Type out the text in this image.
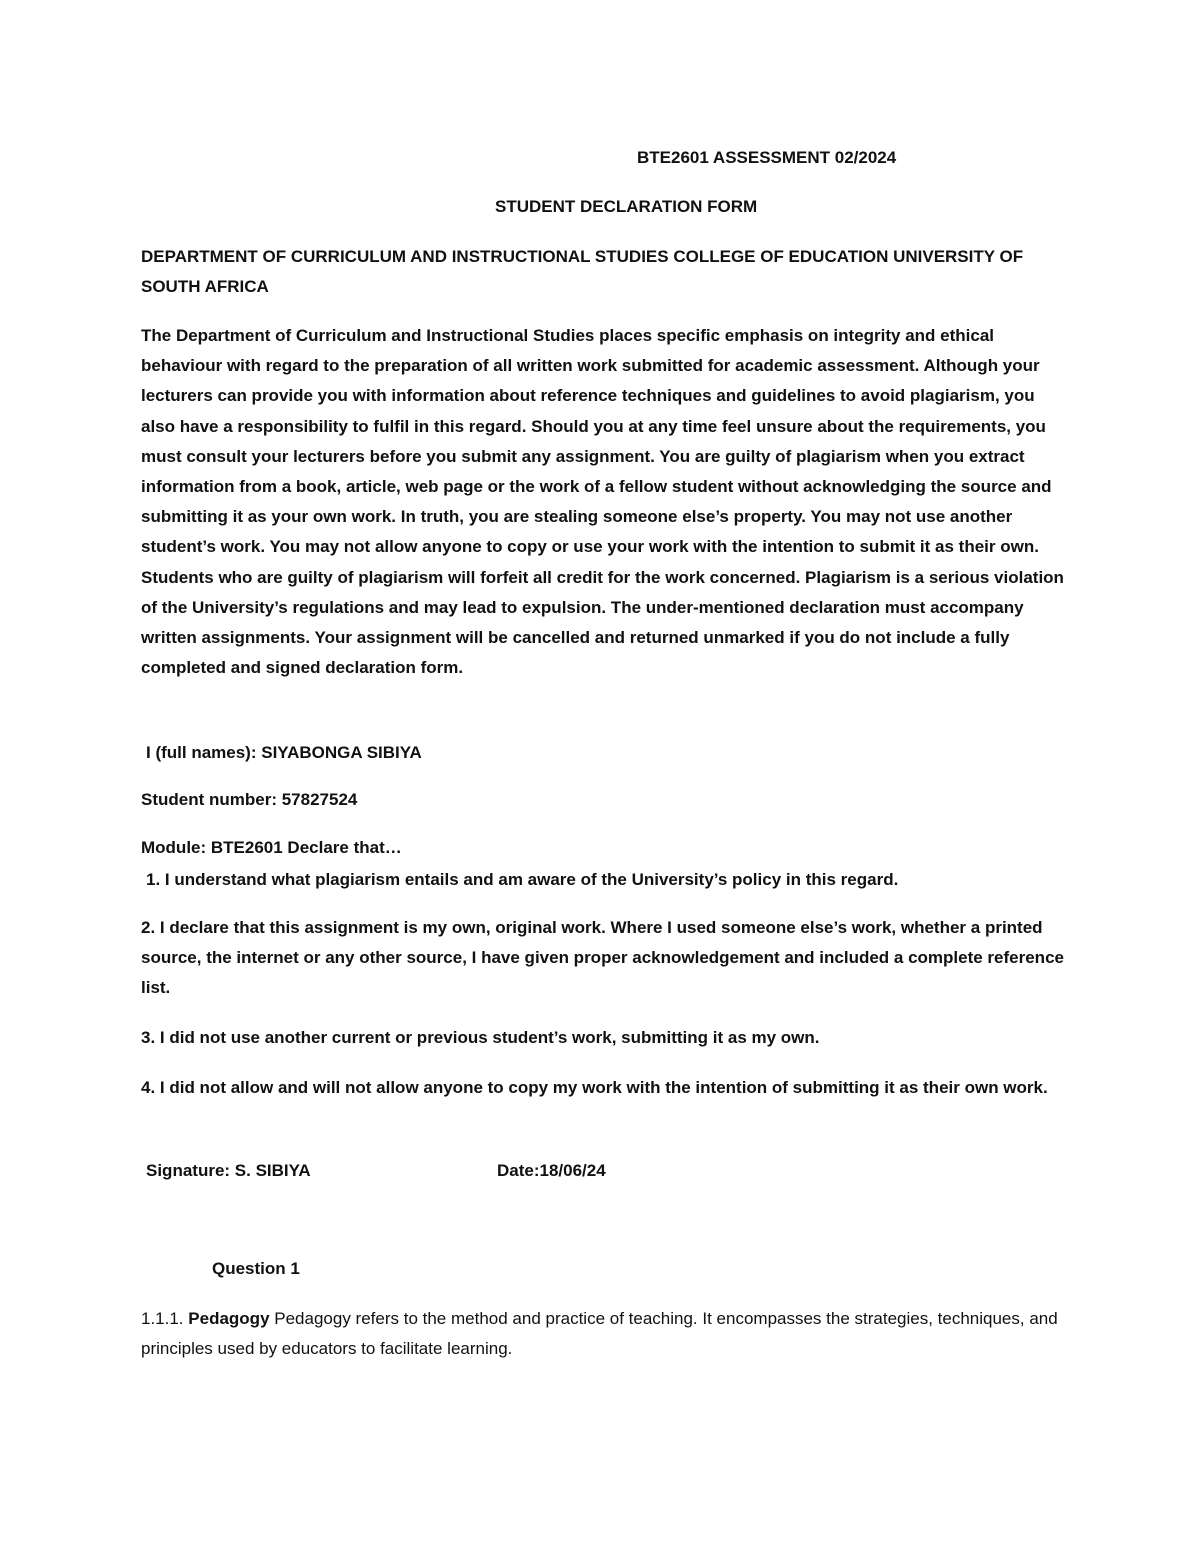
BTE2601 ASSESSMENT 02/2024
STUDENT DECLARATION FORM
DEPARTMENT OF CURRICULUM AND INSTRUCTIONAL STUDIES COLLEGE OF EDUCATION UNIVERSITY OF SOUTH AFRICA
The Department of Curriculum and Instructional Studies places specific emphasis on integrity and ethical behaviour with regard to the preparation of all written work submitted for academic assessment. Although your lecturers can provide you with information about reference techniques and guidelines to avoid plagiarism, you also have a responsibility to fulfil in this regard. Should you at any time feel unsure about the requirements, you must consult your lecturers before you submit any assignment. You are guilty of plagiarism when you extract information from a book, article, web page or the work of a fellow student without acknowledging the source and submitting it as your own work. In truth, you are stealing someone else’s property. You may not use another student’s work. You may not allow anyone to copy or use your work with the intention to submit it as their own. Students who are guilty of plagiarism will forfeit all credit for the work concerned. Plagiarism is a serious violation of the University’s regulations and may lead to expulsion. The under-mentioned declaration must accompany written assignments. Your assignment will be cancelled and returned unmarked if you do not include a fully completed and signed declaration form.
I (full names): SIYABONGA SIBIYA
Student number: 57827524
Module: BTE2601 Declare that…
1. I understand what plagiarism entails and am aware of the University’s policy in this regard.
2. I declare that this assignment is my own, original work. Where I used someone else’s work, whether a printed source, the internet or any other source, I have given proper acknowledgement and included a complete reference list.
3. I did not use another current or previous student’s work, submitting it as my own.
4. I did not allow and will not allow anyone to copy my work with the intention of submitting it as their own work.
Signature: S. SIBIYA	Date:18/06/24
Question 1
1.1.1. Pedagogy Pedagogy refers to the method and practice of teaching. It encompasses the strategies, techniques, and principles used by educators to facilitate learning.
